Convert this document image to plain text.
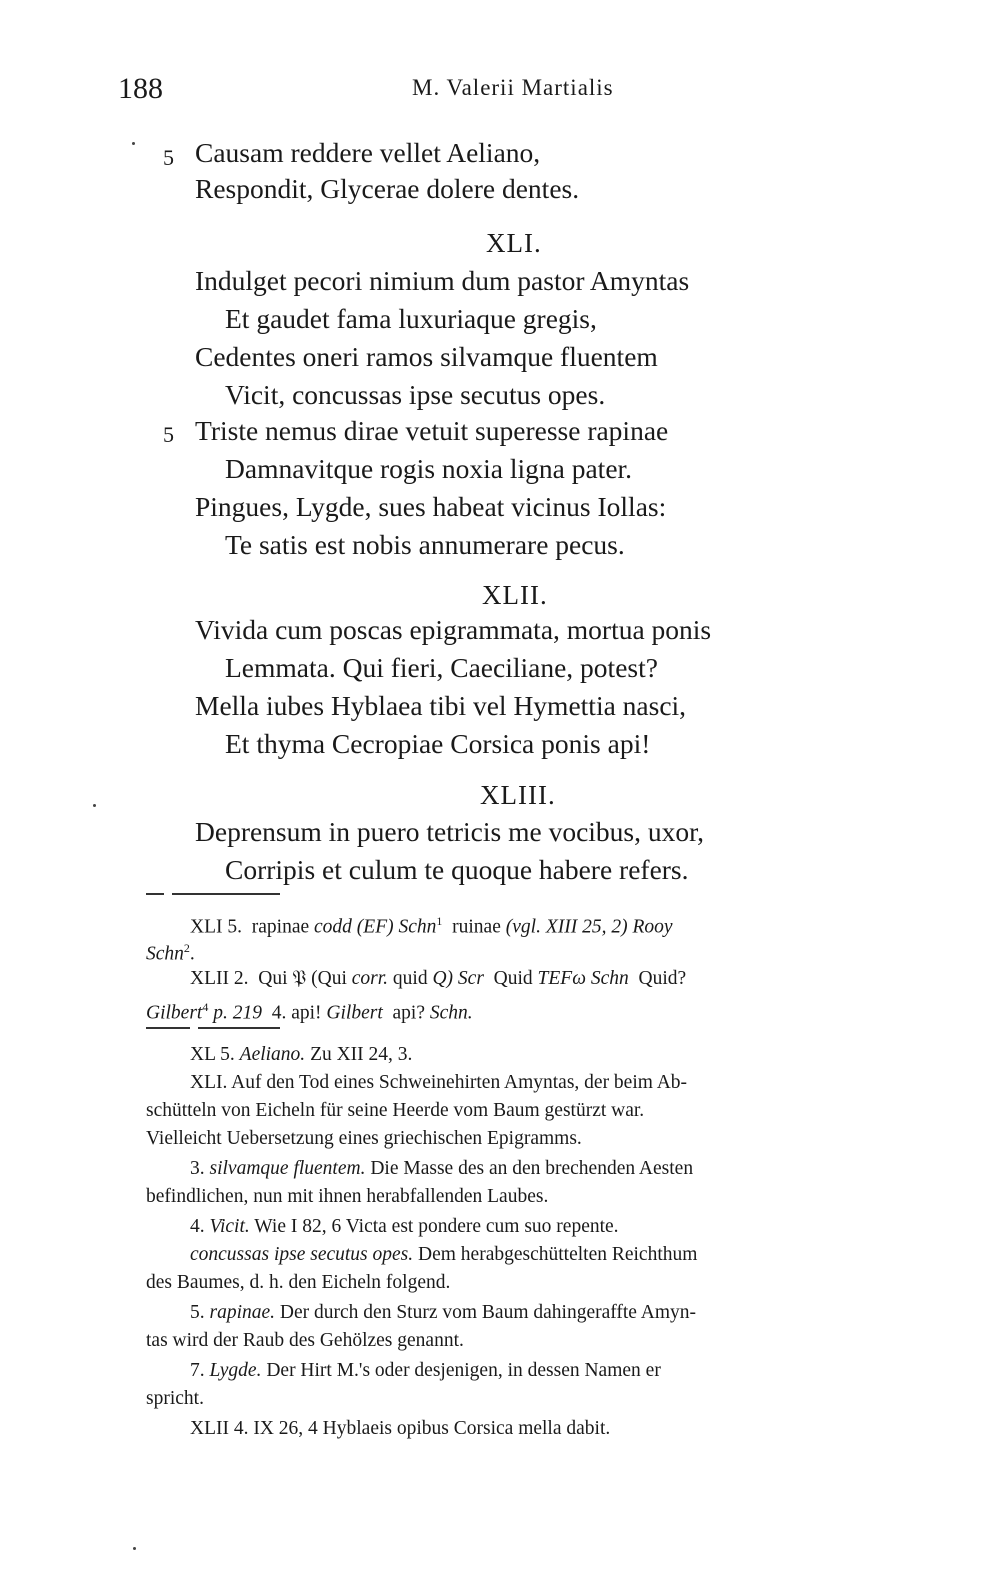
188	M. Valerii Martialis
5 Causam reddere vellet Aeliano,
Respondit, Glycerae dolere dentes.
XLI.
Indulget pecori nimium dum pastor Amyntas
Et gaudet fama luxuriaque gregis,
Cedentes oneri ramos silvamque fluentem
Vicit, concussas ipse secutus opes.
5 Triste nemus dirae vetuit superesse rapinae
Damnavitque rogis noxia ligna pater.
Pingues, Lygde, sues habeat vicinus Iollas:
Te satis est nobis annumerare pecus.
XLII.
Vivida cum poscas epigrammata, mortua ponis
Lemmata. Qui fieri, Caeciliane, potest?
Mella iubes Hyblaea tibi vel Hymettia nasci,
Et thyma Cecropiae Corsica ponis api!
XLIII.
Deprensum in puero tetricis me vocibus, uxor,
Corripis et culum te quoque habere refers.
XLI 5. rapinae codd (EF) Schn$^1$ ruinae (vgl. XIII 25, 2) Rooy
Schn$^2$.
XLII 2. Qui 𝔓 (Qui corr. quid Q) Scr Quid TEFω Schn Quid?
Gilbert$^4$ p. 219 4. api! Gilbert api? Schn.
XL 5. Aeliano. Zu XII 24, 3.
XLI. Auf den Tod eines Schweinehirten Amyntas, der beim Ab-
schütteln von Eicheln für seine Heerde vom Baum gestürzt war.
Vielleicht Uebersetzung eines griechischen Epigramms.
3. silvamque fluentem. Die Masse des an den brechenden Aesten
befindlichen, nun mit ihnen herabfallenden Laubes.
4. Vicit. Wie I 82, 6 Victa est pondere cum suo repente.
concussas ipse secutus opes. Dem herabgeschüttelten Reichthum
des Baumes, d. h. den Eicheln folgend.
5. rapinae. Der durch den Sturz vom Baum dahingeraffte Amyn-
tas wird der Raub des Gehölzes genannt.
7. Lygde. Der Hirt M.'s oder desjenigen, in dessen Namen er
spricht.
XLII 4. IX 26, 4 Hyblaeis opibus Corsica mella dabit.
